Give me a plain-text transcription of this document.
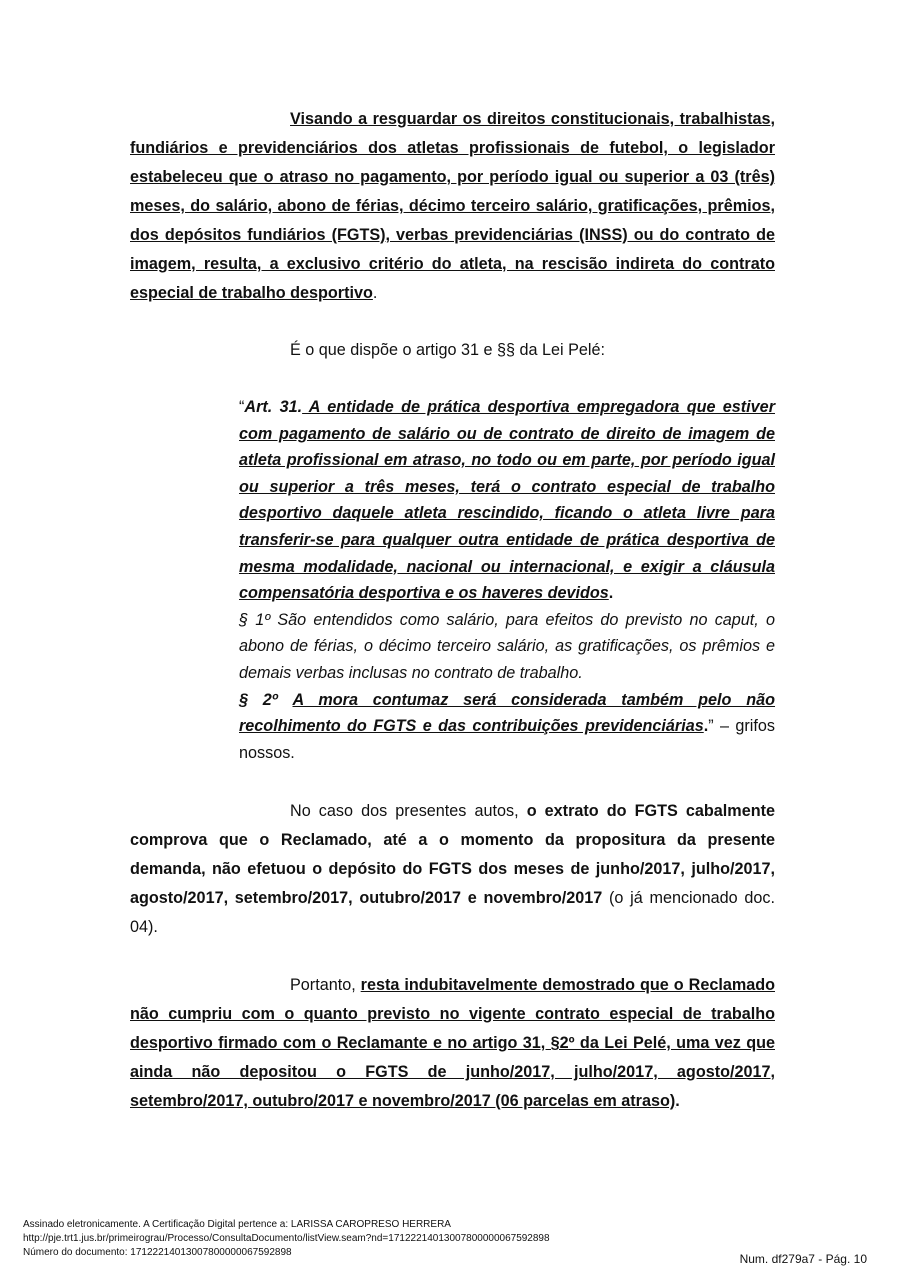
Visando a resguardar os direitos constitucionais, trabalhistas, fundiários e previdenciários dos atletas profissionais de futebol, o legislador estabeleceu que o atraso no pagamento, por período igual ou superior a 03 (três) meses, do salário, abono de férias, décimo terceiro salário, gratificações, prêmios, dos depósitos fundiários (FGTS), verbas previdenciárias (INSS) ou do contrato de imagem, resulta, a exclusivo critério do atleta, na rescisão indireta do contrato especial de trabalho desportivo.

É o que dispõe o artigo 31 e §§ da Lei Pelé:

“Art. 31. A entidade de prática desportiva empregadora que estiver com pagamento de salário ou de contrato de direito de imagem de atleta profissional em atraso, no todo ou em parte, por período igual ou superior a três meses, terá o contrato especial de trabalho desportivo daquele atleta rescindido, ficando o atleta livre para transferir-se para qualquer outra entidade de prática desportiva de mesma modalidade, nacional ou internacional, e exigir a cláusula compensatória desportiva e os haveres devidos.

§ 1º São entendidos como salário, para efeitos do previsto no caput, o abono de férias, o décimo terceiro salário, as gratificações, os prêmios e demais verbas inclusas no contrato de trabalho.

§ 2º A mora contumaz será considerada também pelo não recolhimento do FGTS e das contribuições previdenciárias.” – grifos nossos.

No caso dos presentes autos, o extrato do FGTS cabalmente comprova que o Reclamado, até a o momento da propositura da presente demanda, não efetuou o depósito do FGTS dos meses de junho/2017, julho/2017, agosto/2017, setembro/2017, outubro/2017 e novembro/2017 (o já mencionado doc. 04).

Portanto, resta indubitavelmente demostrado que o Reclamado não cumpriu com o quanto previsto no vigente contrato especial de trabalho desportivo firmado com o Reclamante e no artigo 31, §2º da Lei Pelé, uma vez que ainda não depositou o FGTS de junho/2017, julho/2017, agosto/2017, setembro/2017, outubro/2017 e novembro/2017 (06 parcelas em atraso).

Assinado eletronicamente. A Certificação Digital pertence a: LARISSA CAROPRESO HERRERA
http://pje.trt1.jus.br/primeirograu/Processo/ConsultaDocumento/listView.seam?nd=17122214013007800000067592898
Número do documento: 17122214013007800000067592898	Num. df279a7 - Pág. 10
